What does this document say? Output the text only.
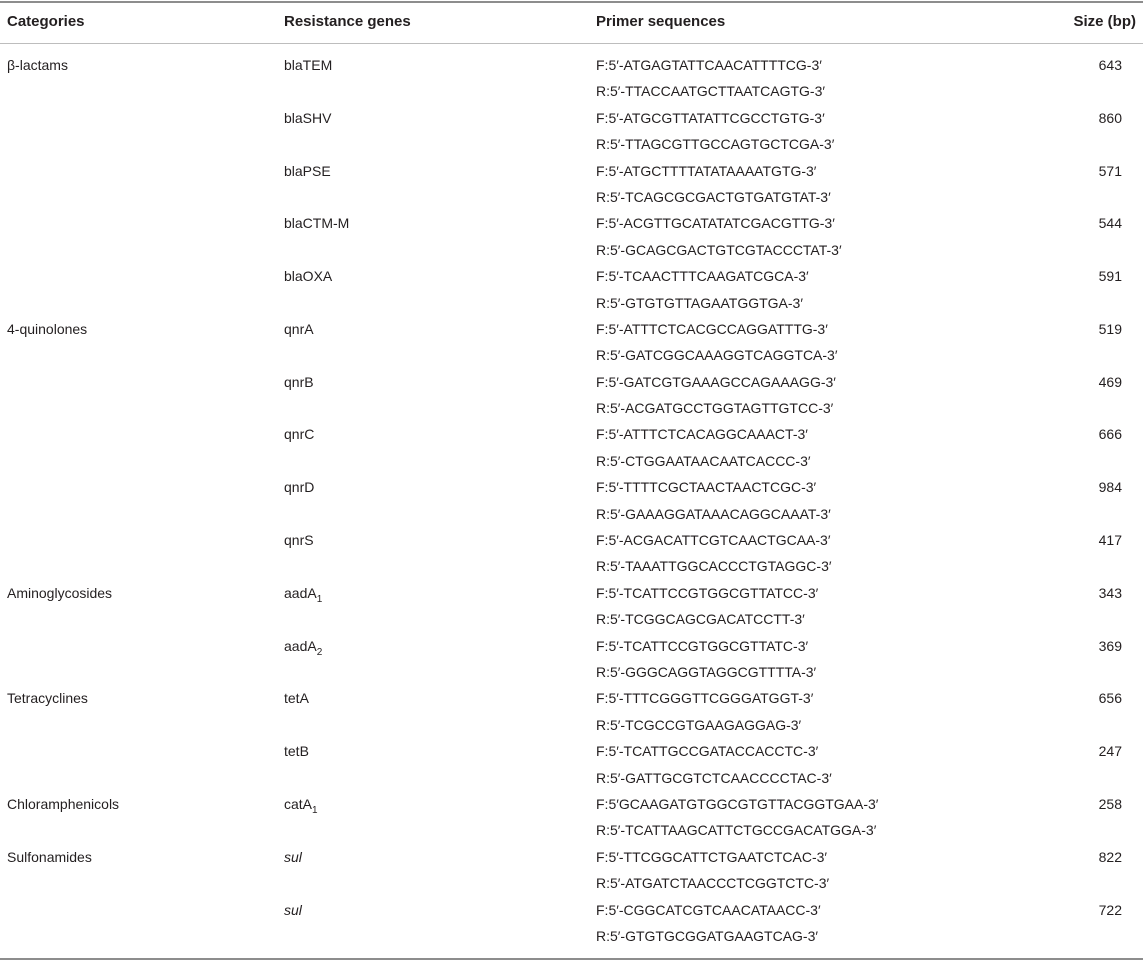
Categories	Resistance genes	Primer sequences	Size (bp)
β-lactams	blaTEM	F:5′-ATGAGTATTCAACATTTTCG-3′	643
R:5′-TTACCAATGCTTAATCAGTG-3′
blaSHV	F:5′-ATGCGTTATATTCGCCTGTG-3′	860
R:5′-TTAGCGTTGCCAGTGCTCGA-3′
blaPSE	F:5′-ATGCTTTTATATAAAATGTG-3′	571
R:5′-TCAGCGCGACTGTGATGTAT-3′
blaCTM-M	F:5′-ACGTTGCATATATCGACGTTG-3′	544
R:5′-GCAGCGACTGTCGTACCCTAT-3′
blaOXA	F:5′-TCAACTTTCAAGATCGCA-3′	591
R:5′-GTGTGTTAGAATGGTGA-3′
4-quinolones	qnrA	F:5′-ATTTCTCACGCCAGGATTTG-3′	519
R:5′-GATCGGCAAAGGTCAGGTCA-3′
qnrB	F:5′-GATCGTGAAAGCCAGAAAGG-3′	469
R:5′-ACGATGCCTGGTAGTTGTCC-3′
qnrC	F:5′-ATTTCTCACAGGCAAACT-3′	666
R:5′-CTGGAATAACAATCACCC-3′
qnrD	F:5′-TTTTCGCTAACTAACTCGC-3′	984
R:5′-GAAAGGATAAACAGGCAAAT-3′
qnrS	F:5′-ACGACATTCGTCAACTGCAA-3′	417
R:5′-TAAATTGGCACCCTGTAGGC-3′
Aminoglycosides	aadA$_1$	F:5′-TCATTCCGTGGCGTTATCC-3′	343
R:5′-TCGGCAGCGACATCCTT-3′
aadA$_2$	F:5′-TCATTCCGTGGCGTTATC-3′	369
R:5′-GGGCAGGTAGGCGTTTTA-3′
Tetracyclines	tetA	F:5′-TTTCGGGTTCGGGATGGT-3′	656
R:5′-TCGCCGTGAAGAGGAG-3′
tetB	F:5′-TCATTGCCGATACCACCTC-3′	247
R:5′-GATTGCGTCTCAACCCCTAC-3′
Chloramphenicols	catA$_1$	F:5′GCAAGATGTGGCGTGTTACGGTGAA-3′	258
R:5′-TCATTAAGCATTCTGCCGACATGGA-3′
Sulfonamides	sul	F:5′-TTCGGCATTCTGAATCTCAC-3′	822
R:5′-ATGATCTAACCCTCGGTCTC-3′
sul	F:5′-CGGCATCGTCAACATAACC-3′	722
R:5′-GTGTGCGGATGAAGTCAG-3′
